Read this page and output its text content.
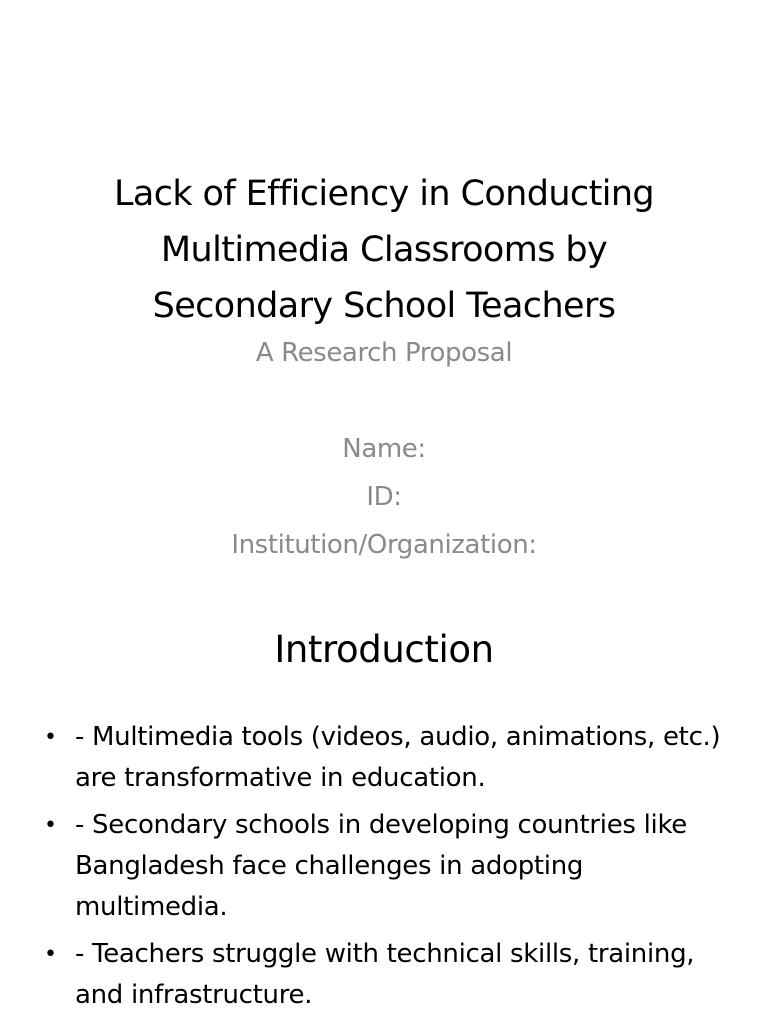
Lack of Efficiency in Conducting
Multimedia Classrooms by
Secondary School Teachers
A Research Proposal
Name:
ID:
Institution/Organization:
Introduction
• - Multimedia tools (videos, audio, animations, etc.) are transformative in education.
• - Secondary schools in developing countries like Bangladesh face challenges in adopting multimedia.
• - Teachers struggle with technical skills, training, and infrastructure.
